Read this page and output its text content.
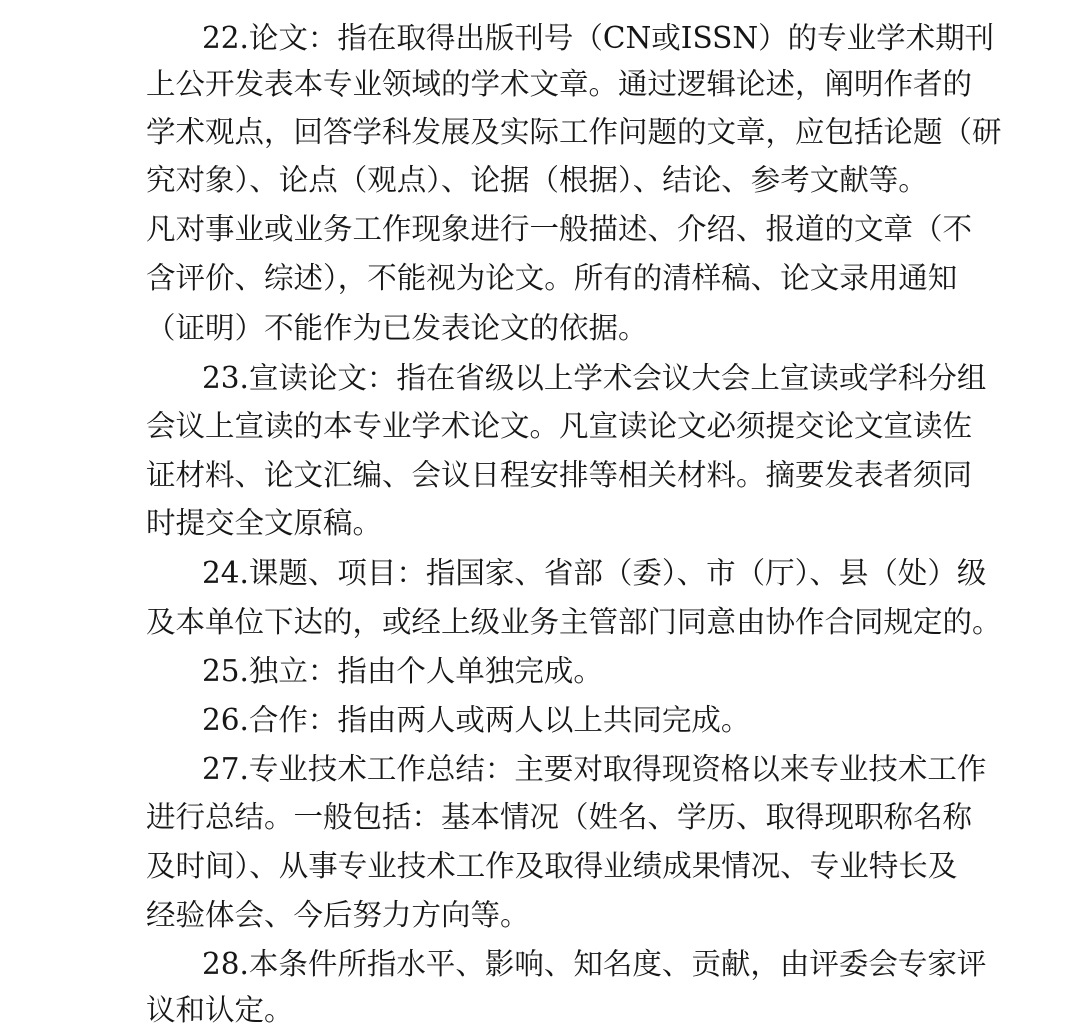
22.论文：指在取得出版刊号（CN或ISSN）的专业学术期刊
上公开发表本专业领域的学术文章。通过逻辑论述，阐明作者的
学术观点，回答学科发展及实际工作问题的文章，应包括论题（研
究对象）、论点（观点）、论据（根据）、结论、参考文献等。
凡对事业或业务工作现象进行一般描述、介绍、报道的文章（不
含评价、综述），不能视为论文。所有的清样稿、论文录用通知
（证明）不能作为已发表论文的依据。
23.宣读论文：指在省级以上学术会议大会上宣读或学科分组
会议上宣读的本专业学术论文。凡宣读论文必须提交论文宣读佐
证材料、论文汇编、会议日程安排等相关材料。摘要发表者须同
时提交全文原稿。
24.课题、项目：指国家、省部（委）、市（厅）、县（处）级
及本单位下达的，或经上级业务主管部门同意由协作合同规定的。
25.独立：指由个人单独完成。
26.合作：指由两人或两人以上共同完成。
27.专业技术工作总结：主要对取得现资格以来专业技术工作
进行总结。一般包括：基本情况（姓名、学历、取得现职称名称
及时间）、从事专业技术工作及取得业绩成果情况、专业特长及
经验体会、今后努力方向等。
28.本条件所指水平、影响、知名度、贡献，由评委会专家评
议和认定。
